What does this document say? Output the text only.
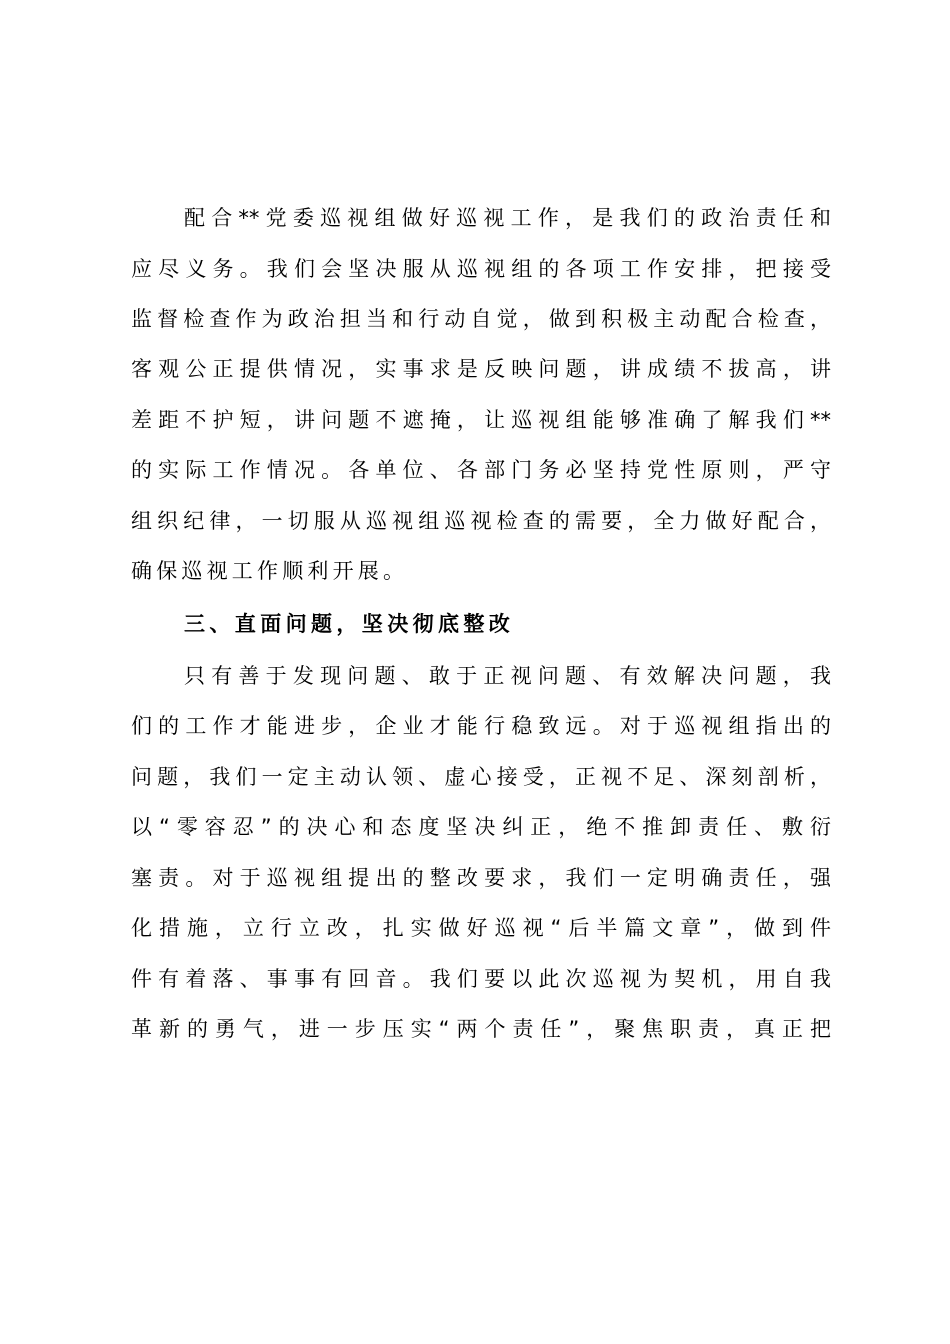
配合**党委巡视组做好巡视工作，是我们的政治责任和
应尽义务。我们会坚决服从巡视组的各项工作安排，把接受
监督检查作为政治担当和行动自觉，做到积极主动配合检查，
客观公正提供情况，实事求是反映问题，讲成绩不拔高，讲
差距不护短，讲问题不遮掩，让巡视组能够准确了解我们**
的实际工作情况。各单位、各部门务必坚持党性原则，严守
组织纪律，一切服从巡视组巡视检查的需要，全力做好配合，
确保巡视工作顺利开展。
三、直面问题，坚决彻底整改
只有善于发现问题、敢于正视问题、有效解决问题，我
们的工作才能进步，企业才能行稳致远。对于巡视组指出的
问题，我们一定主动认领、虚心接受，正视不足、深刻剖析，
以“零容忍”的决心和态度坚决纠正，绝不推卸责任、敷衍
塞责。对于巡视组提出的整改要求，我们一定明确责任，强
化措施，立行立改，扎实做好巡视“后半篇文章”，做到件
件有着落、事事有回音。我们要以此次巡视为契机，用自我
革新的勇气，进一步压实“两个责任”，聚焦职责，真正把
